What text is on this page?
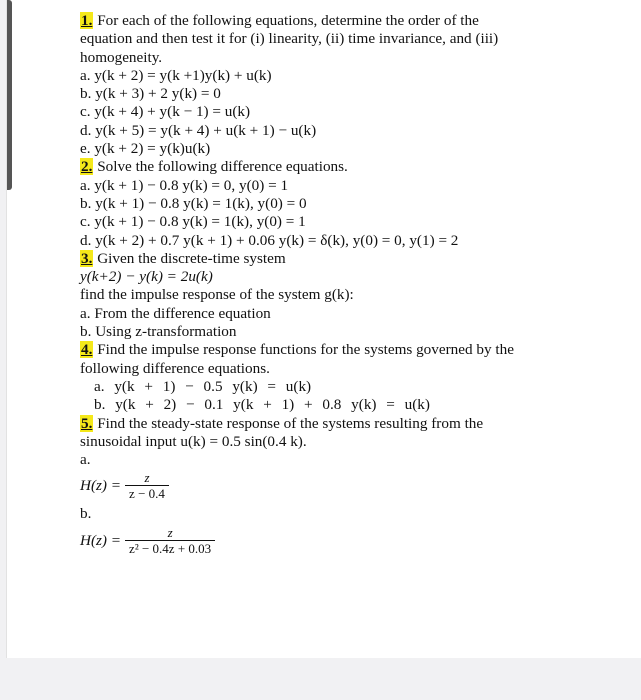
1. For each of the following equations, determine the order of the
equation and then test it for (i) linearity, (ii) time invariance, and (iii)
homogeneity.
a. y(k + 2) = y(k +1)y(k) + u(k)
b. y(k + 3) + 2 y(k) = 0
c. y(k + 4) + y(k − 1) = u(k)
d. y(k + 5) = y(k + 4) + u(k + 1) − u(k)
e. y(k + 2) = y(k)u(k)
2. Solve the following difference equations.
a. y(k + 1) − 0.8 y(k) = 0, y(0) = 1
b. y(k + 1) − 0.8 y(k) = 1(k), y(0) = 0
c. y(k + 1) − 0.8 y(k) = 1(k), y(0) = 1
d. y(k + 2) + 0.7 y(k + 1) + 0.06 y(k) = δ(k), y(0) = 0, y(1) = 2
3. Given the discrete-time system
y(k+2) − y(k) = 2u(k)
find the impulse response of the system g(k):
a. From the difference equation
b. Using z-transformation
4. Find the impulse response functions for the systems governed by the
following difference equations.
a. y(k + 1) − 0.5 y(k) = u(k)
b. y(k + 2) − 0.1 y(k + 1) + 0.8 y(k) = u(k)
5. Find the steady-state response of the systems resulting from the
sinusoidal input u(k) = 0.5 sin(0.4 k).
a.
$H(z) = \frac{z}{z - 0.4}$
b.
$H(z) = \frac{z}{\text{z² − 0.4z + 0.03}}$
